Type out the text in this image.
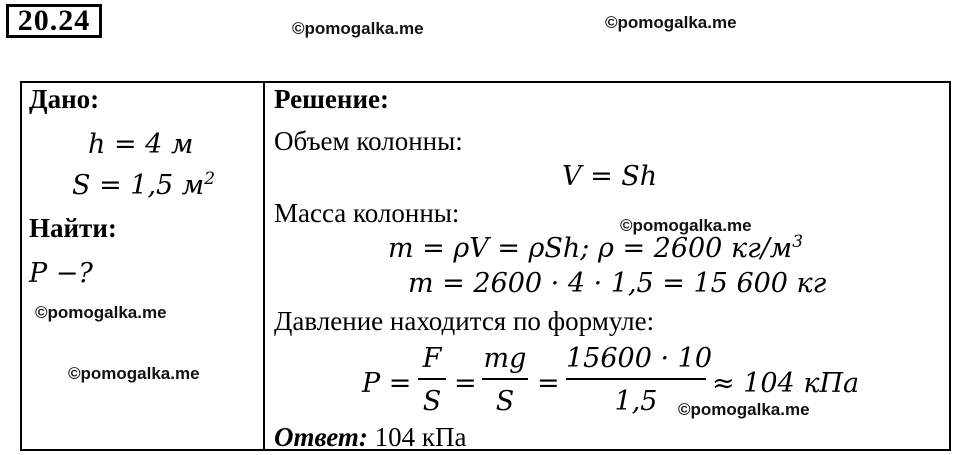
20.24	©pomogalka.me	©pomogalka.me
©pomogalka.me
©pomogalka.me
©pomogalka.me
©pomogalka.me
Дано:
h = 4 м
S = 1,5 $м^2$
Найти:
P −?
Решение:
Объем колонны:
V = Sh
Масса колонны:
m = ρV = ρSh; ρ = 2600 $кг/м^3$
m = 2600 · 4 · 1,5 = 15 600 кг
Давление находится по формуле:
P =
F
S
=
mg
S
=
15600 · 10
1,5
≈ 104 кПа
Ответ: 104 кПа
